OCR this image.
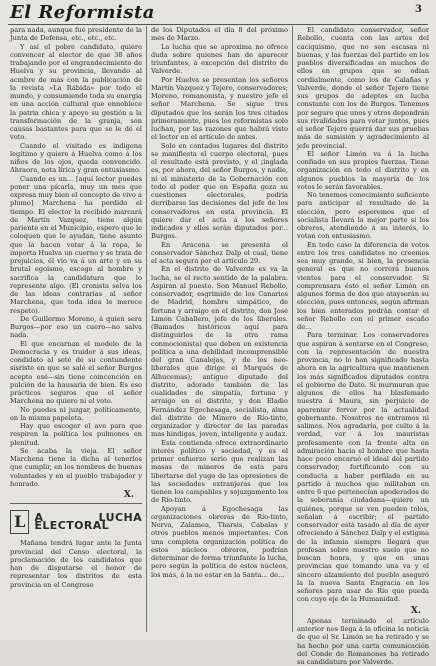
El Reformista	3

para nada, aunque fué presidente de la Junta de Defensa, etc., etc., etc.

Y así el pobre candidato, quiere convencer al elector de que 38 años trabajando por el engrandecimiento de Huelva y su provincia, llevando al acmbre de más con la publicación de la revista «La Rábida» por todo el mundo, y consumiendo toda su energía en una acción cultural que ennoblece la patria chica y apoyo su gestión a la transformación de la granja, son causas bastantes para que se le dé el voto.

Cuando el visitado es indigena legítimo y quiere á Huelva como á los niños de los ojos, queda convencido. Ahraora, nota lírica y gran entusiasmo.

Cuando es un... [aquí lector puedes poner una pícarla, muy un mes que expresa muy bien el concepto de vivo á plumo] Marchena ha perdido el tiempo. El elector la recibido marcarà de Martín Vazquez, tiene algún pariente en el Municipio, espero que le coloquen que le ayudan, tiene asunto que la hacen votar á la ropa, le importa Huelva un cuerno y se trata de prejuicios, él vio va á un arte y en su brutal egoísmo, escoge al hombre y sacrifica la candidatura que lo represente algo. (El cronista selva los de las ideas contrarias al señor Marchena, que toda idea le merece respeto).

De Guillermo Moreno, á quien sera Burgos—por eso un cuero—no salva nada.

El que encarnan el modelo de la Democracia y es traidor á sus ideas, condidato al seté de su contundente sisriste en que se salé el señor Burgos acepto esé—sin tiene coincención en pulción de la hausaría de bien. Es eso prácticos seguros que el señor Marchena no quiere ni el voto.

No puedes ni juzgar, políticamente, en la misma papeleta.

Hay que escoger el ave para que respiren la política los pulmones en plenitud.

Se acaba la vieja. El señor Marchena tiene la dicha al tenerlos que cumplir, en los nombres de buenas voluntades y en el pueblo trabajador y honrado.

X.
L A LUCHA ELECTORAL

Mañana tendrá lugar ante la Junta provincial del Censo electoral, la proclamación de los candidatos que han de disputarse el honor de representar los distritos de esta provincia en el Congreso

de los Diputados el día 8 del próximo mes de Marzo.

La lucha que se aproxima no ofrece duda sobre quienes han de aparecer triunfantes, á excepción del distrito de Valverde.

Por Huelva se presentan los señores Martín Vazquez y Tejero, conservadores; Moreno, romanonista, y nuestro jefe el señor Marchena. Se sigue tres diputados que los serán los tres citados primeramente, pues los reformistas solo luchan, por las razones que habrá visto el lector en el artículo de antes.

Solo en contados lugares del distrito se manifiesta el cuerpo electoral, pues el resultado está previsto, y el ¡inglada es, por ahora, del señor Burgos, y nadie, ni el ministerio de la Gobernación con todo el poder que en España goza su cuestiones electorales, podría derribarse las decisiones del jefe de los conservadores en esta provincia. El quiere dar el acta á los señores indicados y ellos serán diputados por... Burgos.

En Aracena se presenta el conservador Sánchez Dalp el cual, tiene el acta segura por el artículo 29.

En el distrito de Valverde es va la lucha, se el recto sentido de la palabra. Aspiran al puesto. Son Manuel Rebollo, conservador, esgrimido de los Canarios de Madrid, hombre simpático, de fortuna y arraigo en el distrito, don José Limón Caballero, jefe de los liberales. (Bamados históricos aquí para distinguirlos de la otra rama conmocionista) que deben en existencia política a una debilidad incomprensible del gran Canalejas, y de los neo-liberales que dirige el Marqués de Alhucemas); antiguo diputado del distrito, adorado también de las cualidades de simpatía, fortuna y arraigo en el distrito, y don Eladio Fernández Egochesaga, socialista, alma del distrito de Minero de Río-tinto, organizador y director de las paradas mas hindigas, joven, inteligente y audaz.

Esta contienda ofrece extraordinario interés político y sociedad, y es el primer esfuerzo serio que realizan las masas de mineros de esta para libertarse del yugo de las opresiones de las sociedades extranjeras que los tienen los campables y sojuzgamento los de Río-tinto.

Apoyan á Egochesaga las organizaciones obreras de Río-tinto, Nerva, Zalamea, Tharsis, Cabalas y otros pueblos menos importantes. Con una completa organización política de estos núcleos obreros, podrían determinar de forma triunfante la lucha, pero según la política de estos núcleos, los más, á la no estar en la Santa... de...

El candidato conservador, señor Rebollo, cuenta con las artes del caciquismo, que no son escasas ni buenas, y las fuerzas del partido en los pueblos diversificadas en muchos de ellos en grupos que se odian cordialmente, como los de Calañas y Valverde, donde el señor Tejero tiene sus grupos de adeptos en lucha constante con los de Burgos. Tenemos por seguro que unos y otros depondrán sus rivalidades para votar juntos, pues el señor Tejero querrá dar sus pruebas más de sumisión y agradecimiento al jefe provincial.

El señor Limón va á la lucha confiado en sus propios fuerzas. Tiene organización en todo el distrito y en algunos pueblos la mayoría de los votos le serán favorables.

No tenemos conocimiento suficiente para anticipar el resultado de la elección, pero esperemos que el socialista llevará la mejor parte si los obreros, atendiendo á su interés, lo votan con entusiasmo.

En todo caso la diferencia de votos entre los tres candidatos no creemos sea muy grande, si bien, la presencia general es que no correrá buenos vientos para el conservador. Si comprensara ésto el señor Limón en algunos forma de dos que atayserán su elección, pues entonces, según afirman los bien enterados podrán contar el señor Rebollo con el primer escaño de...

Para terminar. Los conservadores que aspiran á sentarse en el Congreso, con la representación de nuestra provincia, no lo han significado hasta ahora en la agricultura que mantienen los más significados diputados contra el gobierno de Dato. Si murmuran que algunos de ellos ha blasfemado nuestra á Maura, sin perjuicio de aparentar fervor por la actualidad gobernante. Nosotros no entramos ni salimos. Nos agradaría, por culto á la verdad, ver á los mauristas profesamente con la frente alta en admiración hacia el hombre que hasta hace poco encarnó el ideal del partido conservador, fortificando con su conducta a haber perfilado en su partido á muchos que militaban en entre 6 que pertenecían apoderados de la soberanía ciudadana—quiere un quiénes, porque se ven pueden tolos, señalan á escribir; el partido conservador está tasado al día de ayer ofreciendo á Sánchez Dalp y el estigma de la infamia siempre llegará que profesan sobre nuestro suelo que no buscan honra, y que en unas provincias que tomando una va y el sincero alzamiento del pueblo aseguró la la nueva Santa Engracia en los señores para usar de Río que pueda con cuyo eje de la Humanidad.

X.

Apenas terminado el artículo anterior nos llega á la oficina la noticia de que el Sr. Limón se ha retirado y se ha hecho por una carta comunicación del Conde de Romanones ha retirado su candidatura por Valverde.
